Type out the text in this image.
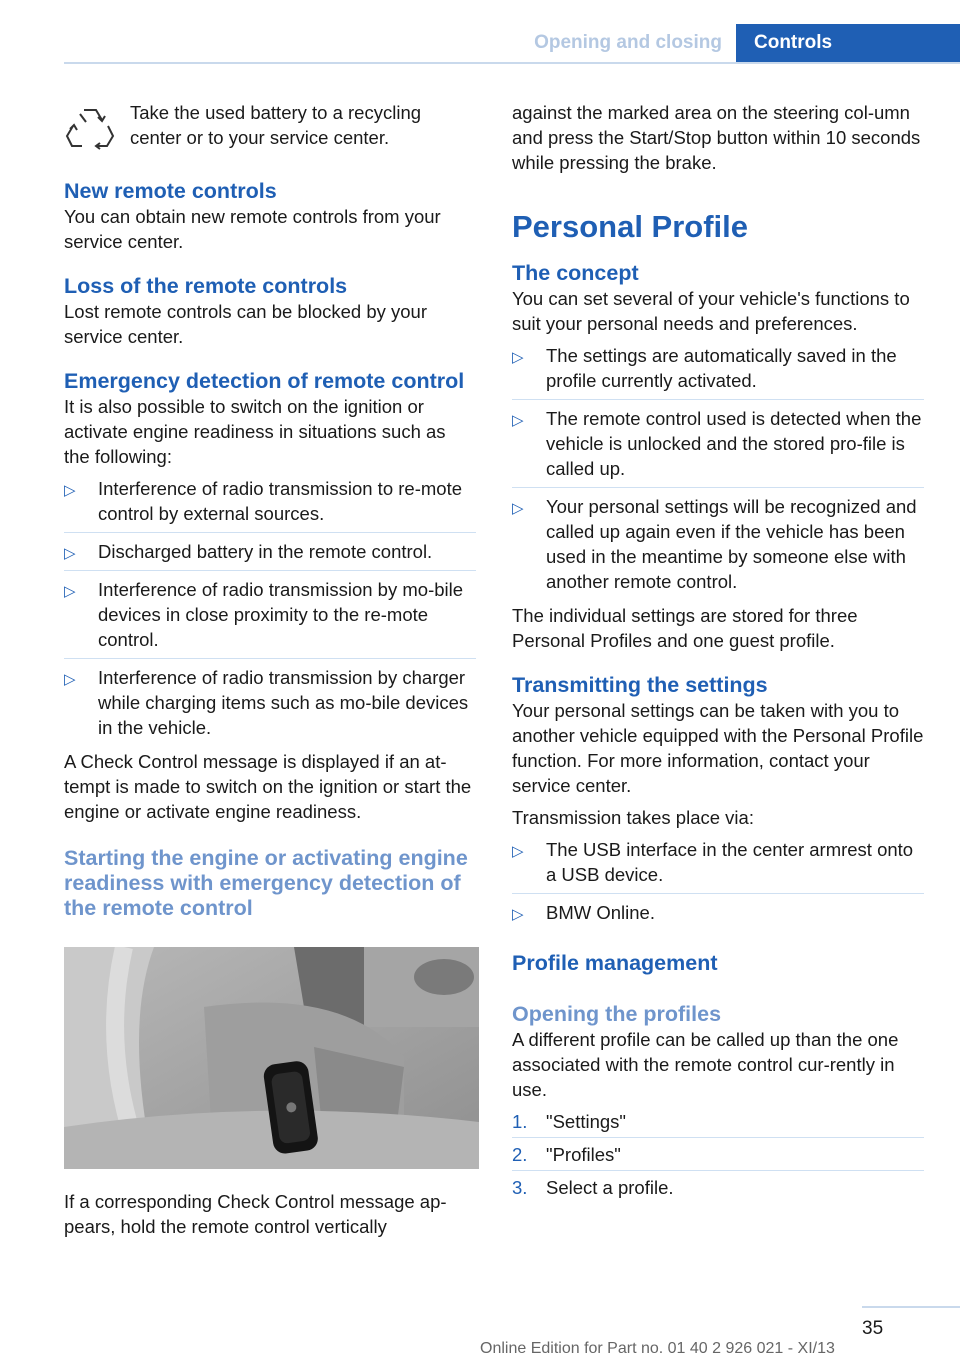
Opening and closing	Controls

Take the used battery to a recycling center or to your service center.

New remote controls

You can obtain new remote controls from your service center.

Loss of the remote controls

Lost remote controls can be blocked by your service center.

Emergency detection of remote control

It is also possible to switch on the ignition or activate engine readiness in situations such as the following:

▷ Interference of radio transmission to re-mote control by external sources.
▷ Discharged battery in the remote control.
▷ Interference of radio transmission by mo-bile devices in close proximity to the re-mote control.
▷ Interference of radio transmission by charger while charging items such as mo-bile devices in the vehicle.

A Check Control message is displayed if an at-tempt is made to switch on the ignition or start the engine or activate engine readiness.

Starting the engine or activating engine readiness with emergency detection of the remote control

If a corresponding Check Control message ap-pears, hold the remote control vertically

against the marked area on the steering col-umn and press the Start/Stop button within 10 seconds while pressing the brake.

Personal Profile
The concept

You can set several of your vehicle's functions to suit your personal needs and preferences.

▷ The settings are automatically saved in the profile currently activated.
▷ The remote control used is detected when the vehicle is unlocked and the stored pro-file is called up.
▷ Your personal settings will be recognized and called up again even if the vehicle has been used in the meantime by someone else with another remote control.

The individual settings are stored for three Personal Profiles and one guest profile.

Transmitting the settings

Your personal settings can be taken with you to another vehicle equipped with the Personal Profile function. For more information, contact your service center.

Transmission takes place via:

▷ The USB interface in the center armrest onto a USB device.
▷ BMW Online.
Profile management
Opening the profiles

A different profile can be called up than the one associated with the remote control cur-rently in use.

1. "Settings"
2. "Profiles"
3. Select a profile.
35
Online Edition for Part no. 01 40 2 926 021 - XI/13
